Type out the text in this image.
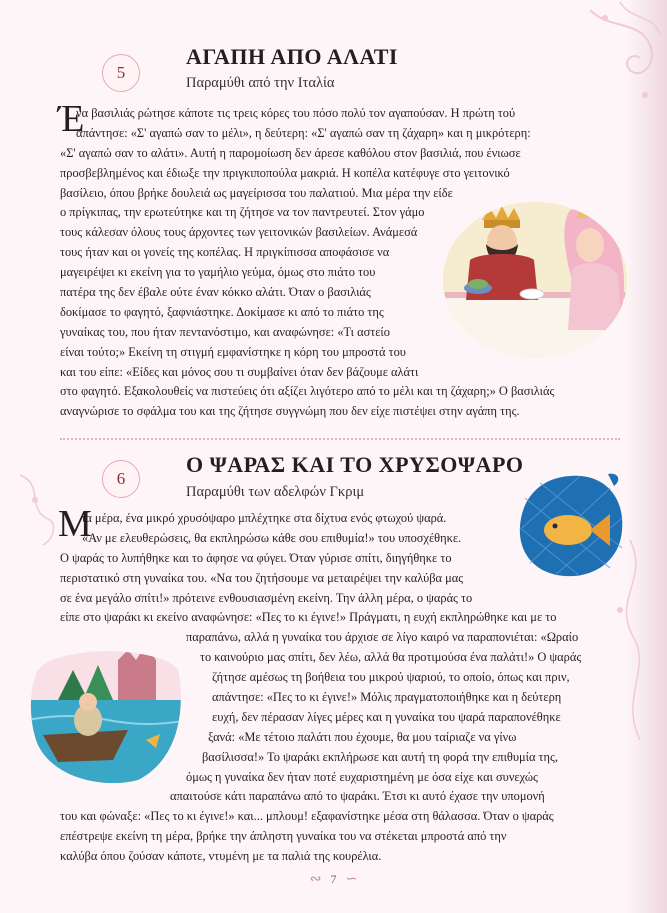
5
ΑΓΑΠΗ ΑΠΟ ΑΛΑΤΙ
Παραμύθι από την Ιταλία
Έ
να βασιλιάς ρώτησε κάποτε τις τρεις κόρες του πόσο πολύ τον αγαπούσαν. Η πρώτη τού
απάντησε: «Σ' αγαπώ σαν το μέλι», η δεύτερη: «Σ' αγαπώ σαν τη ζάχαρη» και η μικρότερη:
«Σ' αγαπώ σαν το αλάτι». Αυτή η παρομοίωση δεν άρεσε καθόλου στον βασιλιά, που ένιωσε
προσβεβλημένος και έδιωξε την πριγκιποπούλα μακριά. Η κοπέλα κατέφυγε στο γειτονικό
βασίλειο, όπου βρήκε δουλειά ως μαγείρισσα του παλατιού. Μια μέρα την είδε
ο πρίγκιπας, την ερωτεύτηκε και τη ζήτησε να τον παντρευτεί. Στον γάμο
τους κάλεσαν όλους τους άρχοντες των γειτονικών βασιλείων. Ανάμεσά
τους ήταν και οι γονείς της κοπέλας. Η πριγκίπισσα αποφάσισε να
μαγειρέψει κι εκείνη για το γαμήλιο γεύμα, όμως στο πιάτο του
πατέρα της δεν έβαλε ούτε έναν κόκκο αλάτι. Όταν ο βασιλιάς
δοκίμασε το φαγητό, ξαφνιάστηκε. Δοκίμασε κι από το πιάτο της
γυναίκας του, που ήταν πεντανόστιμο, και αναφώνησε: «Τι αστείο
είναι τούτο;» Εκείνη τη στιγμή εμφανίστηκε η κόρη του μπροστά του
και του είπε: «Είδες και μόνος σου τι συμβαίνει όταν δεν βάζουμε αλάτι
στο φαγητό. Εξακολουθείς να πιστεύεις ότι αξίζει λιγότερο από το μέλι και τη ζάχαρη;» Ο βασιλιάς
αναγνώρισε το σφάλμα του και της ζήτησε συγγνώμη που δεν είχε πιστέψει στην αγάπη της.
6
Ο ΨΑΡΑΣ ΚΑΙ ΤΟ ΧΡΥΣΟΨΑΡΟ
Παραμύθι των αδελφών Γκριμ
Μ
ια μέρα, ένα μικρό χρυσόψαρο μπλέχτηκε στα δίχτυα ενός φτωχού ψαρά.
«Αν με ελευθερώσεις, θα εκπληρώσω κάθε σου επιθυμία!» του υποσχέθηκε.
Ο ψαράς το λυπήθηκε και το άφησε να φύγει. Όταν γύρισε σπίτι, διηγήθηκε το
περιστατικό στη γυναίκα του. «Να του ζητήσουμε να μεταιρέψει την καλύβα μας
σε ένα μεγάλο σπίτι!» πρότεινε ενθουσιασμένη εκείνη. Την άλλη μέρα, ο ψαράς το
είπε στο ψαράκι κι εκείνο αναφώνησε: «Πες το κι έγινε!» Πράγματι, η ευχή εκπληρώθηκε και με το
παραπάνω, αλλά η γυναίκα του άρχισε σε λίγο καιρό να παραπονιέται: «Ωραίο
το καινούριο μας σπίτι, δεν λέω, αλλά θα προτιμούσα ένα παλάτι!» Ο ψαράς
ζήτησε αμέσως τη βοήθεια του μικρού ψαριού, το οποίο, όπως και πριν,
απάντησε: «Πες το κι έγινε!» Μόλις πραγματοποιήθηκε και η δεύτερη
ευχή, δεν πέρασαν λίγες μέρες και η γυναίκα του ψαρά παραπονέθηκε
ξανά: «Με τέτοιο παλάτι που έχουμε, θα μου ταίριαζε να γίνω
βασίλισσα!» Το ψαράκι εκπλήρωσε και αυτή τη φορά την επιθυμία της,
όμως η γυναίκα δεν ήταν ποτέ ευχαριστημένη με όσα είχε και συνεχώς
απαιτούσε κάτι παραπάνω από το ψαράκι. Έτσι κι αυτό έχασε την υπομονή
του και φώναξε: «Πες το κι έγινε!» και... μπλουμ! εξαφανίστηκε μέσα στη θάλασσα. Όταν ο ψαράς
επέστρεψε εκείνη τη μέρα, βρήκε την άπληστη γυναίκα του να στέκεται μπροστά από την
καλύβα όπου ζούσαν κάποτε, ντυμένη με τα παλιά της κουρέλια.
∾ 7 ∽
